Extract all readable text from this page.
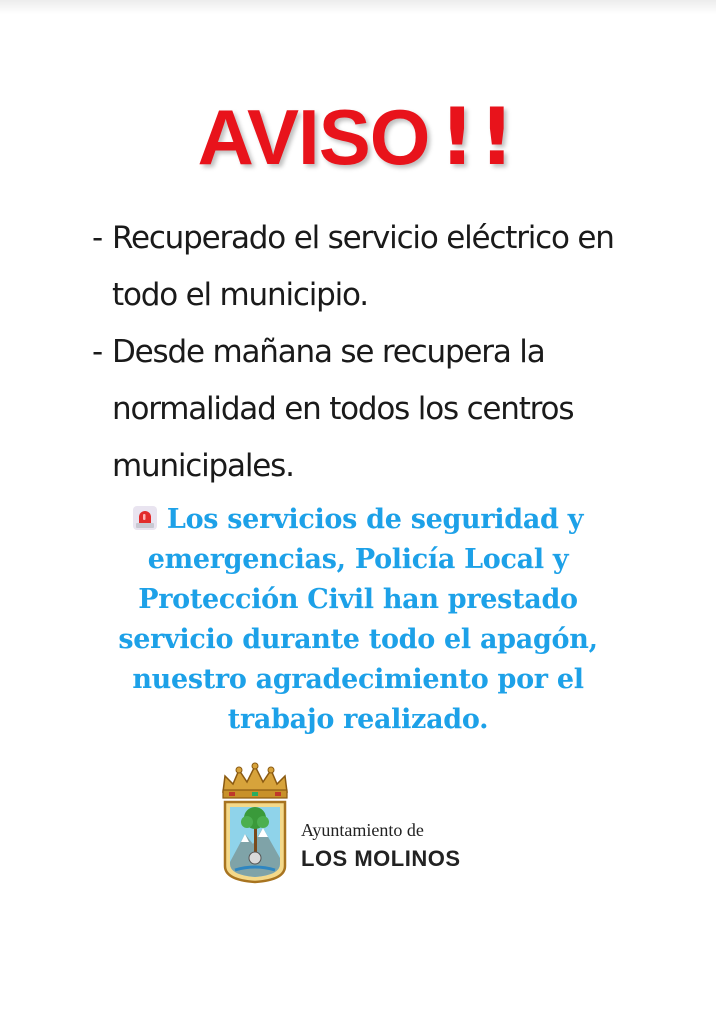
AVISO !!
- Recuperado el servicio eléctrico en
todo el municipio.
- Desde mañana se recupera la
normalidad en todos los centros
municipales.
Los servicios de seguridad y
emergencias, Policía Local y
Protección Civil han prestado
servicio durante todo el apagón,
nuestro agradecimiento por el
trabajo realizado.
Ayuntamiento de
LOS MOLINOS
